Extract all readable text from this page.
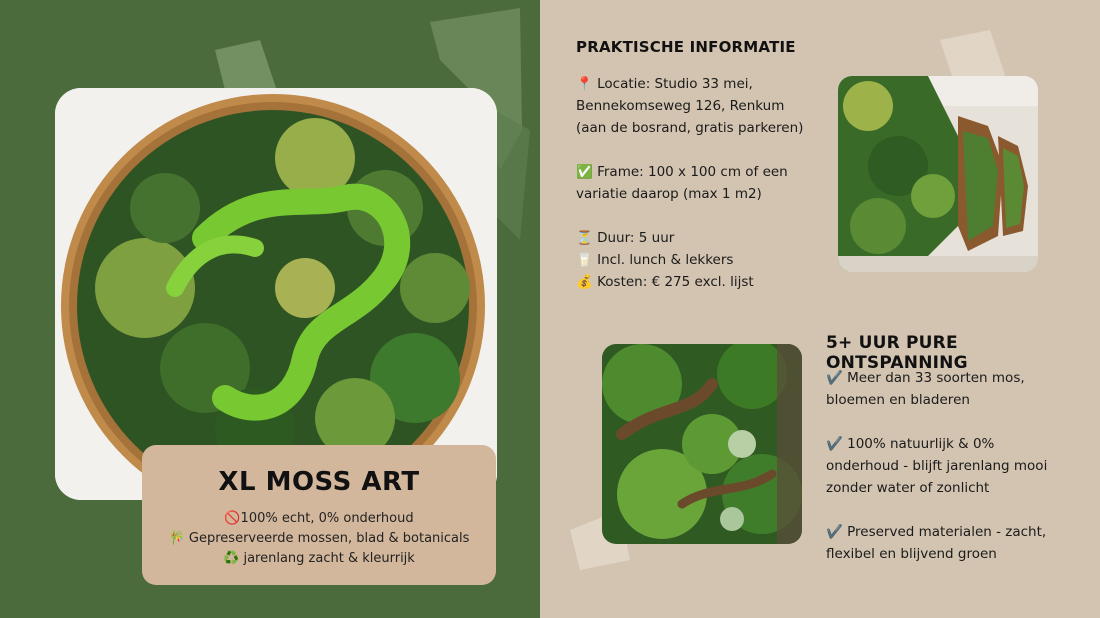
XL MOSS ART
🚫100% echt, 0% onderhoud
🎋 Gepreserveerde mossen, blad & botanicals
♻️ jarenlang zacht & kleurrijk
PRAKTISCHE INFORMATIE

📍 Locatie: Studio 33 mei,

Bennekomseweg 126, Renkum

(aan de bosrand, gratis parkeren)

✅ Frame: 100 x 100 cm of een

variatie daarop (max 1 m2)

⏳ Duur: 5 uur

🥛 Incl. lunch & lekkers

💰 Kosten: € 275 excl. lijst

5+ UUR PURE ONTSPANNING

✔️ Meer dan 33 soorten mos,

bloemen en bladeren

✔️ 100% natuurlijk & 0%

onderhoud - blijft jarenlang mooi

zonder water of zonlicht

✔️ Preserved materialen - zacht,

flexibel en blijvend groen
